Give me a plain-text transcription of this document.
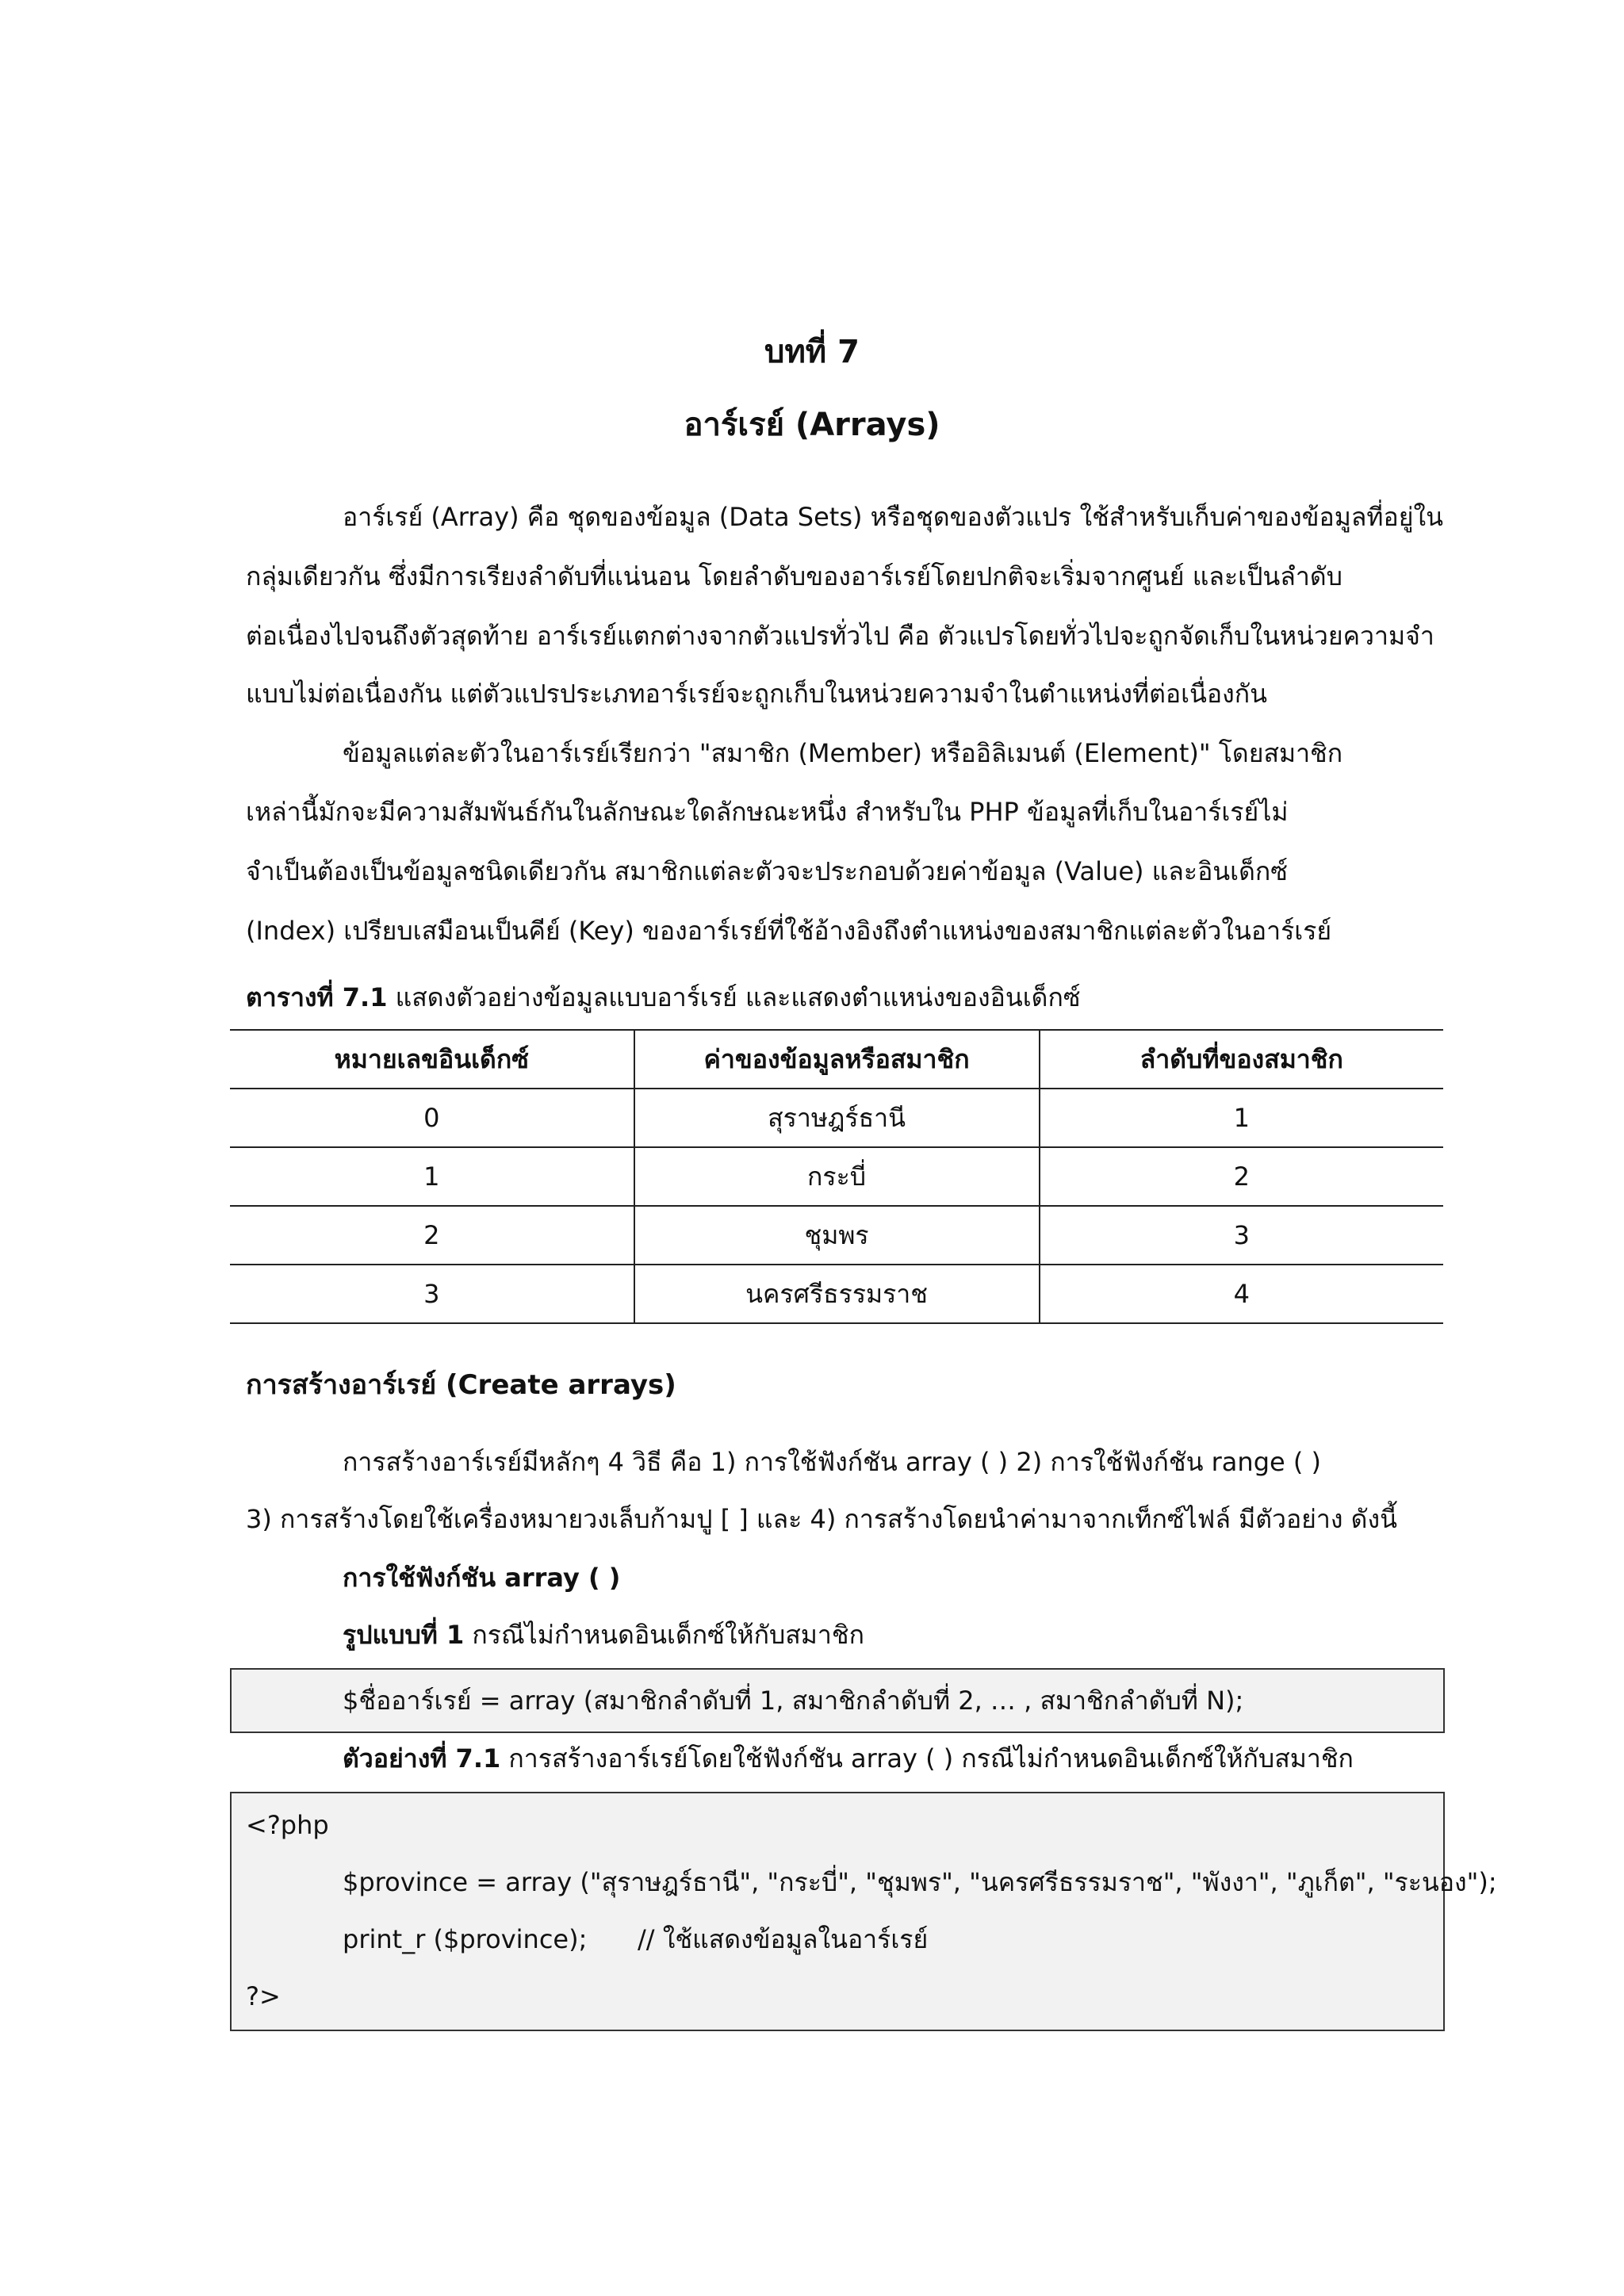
บทที่ 7
อาร์เรย์ (Arrays)
อาร์เรย์ (Array) คือ ชุดของข้อมูล (Data Sets) หรือชุดของตัวแปร ใช้สำหรับเก็บค่าของข้อมูลที่อยู่ใน
กลุ่มเดียวกัน ซึ่งมีการเรียงลำดับที่แน่นอน โดยลำดับของอาร์เรย์โดยปกติจะเริ่มจากศูนย์ และเป็นลำดับ
ต่อเนื่องไปจนถึงตัวสุดท้าย อาร์เรย์แตกต่างจากตัวแปรทั่วไป คือ ตัวแปรโดยทั่วไปจะถูกจัดเก็บในหน่วยความจำ
แบบไม่ต่อเนื่องกัน แต่ตัวแปรประเภทอาร์เรย์จะถูกเก็บในหน่วยความจำในตำแหน่งที่ต่อเนื่องกัน
ข้อมูลแต่ละตัวในอาร์เรย์เรียกว่า "สมาชิก (Member) หรืออิลิเมนต์ (Element)" โดยสมาชิก
เหล่านี้มักจะมีความสัมพันธ์กันในลักษณะใดลักษณะหนึ่ง สำหรับใน PHP ข้อมูลที่เก็บในอาร์เรย์ไม่
จำเป็นต้องเป็นข้อมูลชนิดเดียวกัน สมาชิกแต่ละตัวจะประกอบด้วยค่าข้อมูล (Value) และอินเด็กซ์
(Index) เปรียบเสมือนเป็นคีย์ (Key) ของอาร์เรย์ที่ใช้อ้างอิงถึงตำแหน่งของสมาชิกแต่ละตัวในอาร์เรย์
ตารางที่ 7.1 แสดงตัวอย่างข้อมูลแบบอาร์เรย์ และแสดงตำแหน่งของอินเด็กซ์
หมายเลขอินเด็กซ์	ค่าของข้อมูลหรือสมาชิก	ลำดับที่ของสมาชิก
0	สุราษฎร์ธานี	1
1	กระบี่	2
2	ชุมพร	3
3	นครศรีธรรมราช	4
การสร้างอาร์เรย์ (Create arrays)
การสร้างอาร์เรย์มีหลักๆ 4 วิธี คือ 1) การใช้ฟังก์ชัน array ( ) 2) การใช้ฟังก์ชัน range ( )
3) การสร้างโดยใช้เครื่องหมายวงเล็บก้ามปู [ ] และ 4) การสร้างโดยนำค่ามาจากเท็กซ์ไฟล์ มีตัวอย่าง ดังนี้
การใช้ฟังก์ชัน array ( )
รูปแบบที่ 1 กรณีไม่กำหนดอินเด็กซ์ให้กับสมาชิก
$ชื่ออาร์เรย์ = array (สมาชิกลำดับที่ 1, สมาชิกลำดับที่ 2, … , สมาชิกลำดับที่ N);
ตัวอย่างที่ 7.1 การสร้างอาร์เรย์โดยใช้ฟังก์ชัน array ( ) กรณีไม่กำหนดอินเด็กซ์ให้กับสมาชิก
<?php
$province = array ("สุราษฎร์ธานี", "กระบี่", "ชุมพร", "นครศรีธรรมราช", "พังงา", "ภูเก็ต", "ระนอง");
print_r ($province); // ใช้แสดงข้อมูลในอาร์เรย์
?>
